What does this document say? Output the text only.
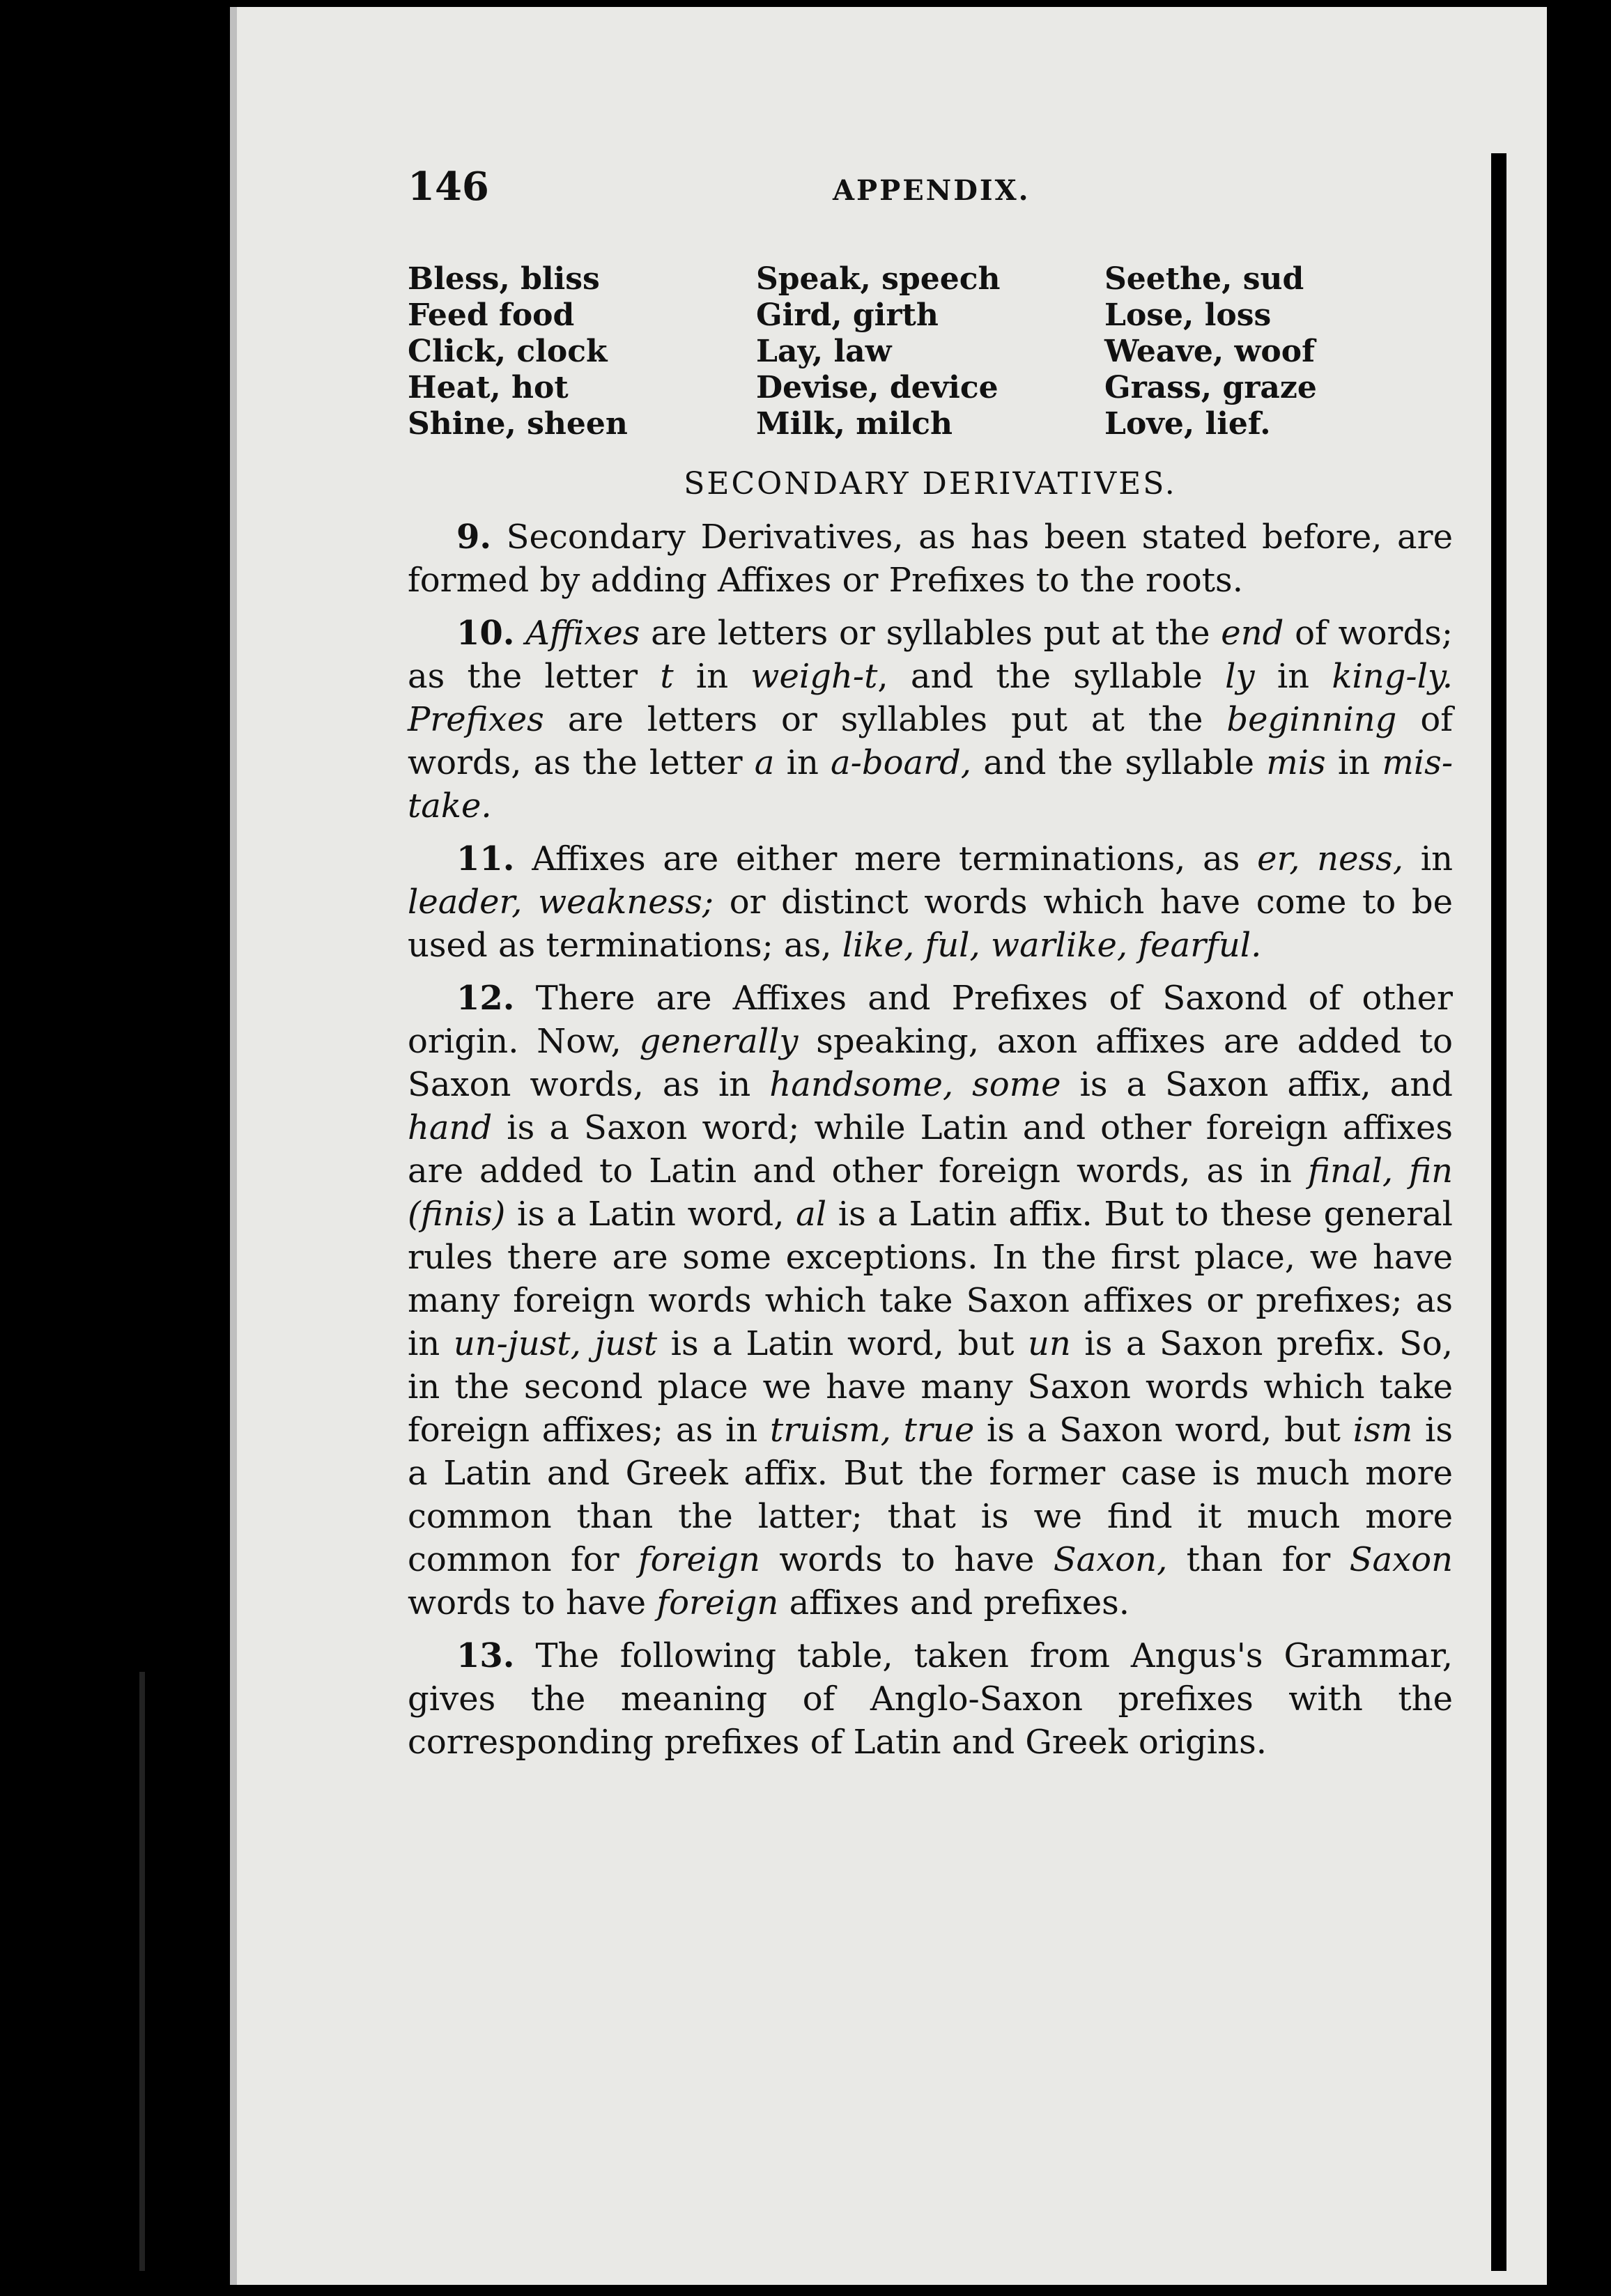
146	APPENDIX.
Bless, bliss
Feed food
Click, clock
Heat, hot
Shine, sheen
Speak, speech
Gird, girth
Lay, law
Devise, device
Milk, milch
Seethe, sud
Lose, loss
Weave, woof
Grass, graze
Love, lief.
SECONDARY DERIVATIVES.

9. Secondary Derivatives, as has been stated before, are formed by adding Affixes or Prefixes to the roots.

10. Affixes are letters or syllables put at the end of words; as the letter t in weigh-t, and the syllable ly in king-ly. Prefixes are letters or syllables put at the beginning of words, as the letter a in a-board, and the syllable mis in mis-take.

11. Affixes are either mere terminations, as er, ness, in leader, weakness; or distinct words which have come to be used as terminations; as, like, ful, warlike, fearful.

12. There are Affixes and Prefixes of Saxond of other origin. Now, generally speaking, axon affixes are added to Saxon words, as in handsome, some is a Saxon affix, and hand is a Saxon word; while Latin and other foreign affixes are added to Latin and other foreign words, as in final, fin (finis) is a Latin word, al is a Latin affix. But to these general rules there are some exceptions. In the first place, we have many foreign words which take Saxon affixes or prefixes; as in un-just, just is a Latin word, but un is a Saxon prefix. So, in the second place we have many Saxon words which take foreign affixes; as in truism, true is a Saxon word, but ism is a Latin and Greek affix. But the former case is much more common than the latter; that is we find it much more common for foreign words to have Saxon, than for Saxon words to have foreign affixes and prefixes.

13. The following table, taken from Angus's Grammar, gives the meaning of Anglo-Saxon prefixes with the corresponding prefixes of Latin and Greek origins.
